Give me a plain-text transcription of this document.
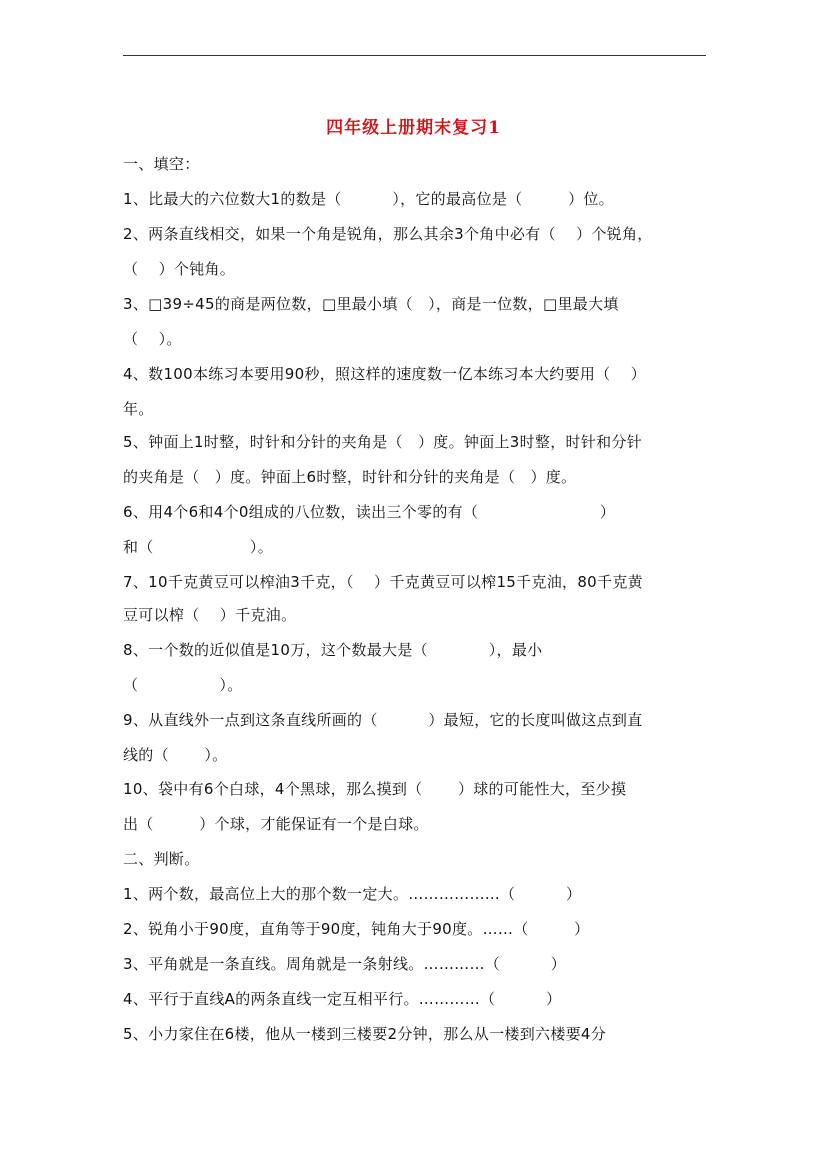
四年级上册期末复习1
一、填空：
1、比最大的六位数大1的数是（          ），它的最高位是（         ）位。
2、两条直线相交，如果一个角是锐角，那么其余3个角中必有（    ）个锐角，
（    ）个钝角。
3、□39÷45的商是两位数，□里最小填（   ），商是一位数，□里最大填
（    ）。
4、数100本练习本要用90秒，照这样的速度数一亿本练习本大约要用（    ）
年。
5、钟面上1时整，时针和分针的夹角是（   ）度。钟面上3时整，时针和分针
的夹角是（   ）度。钟面上6时整，时针和分针的夹角是（   ）度。
6、用4个6和4个0组成的八位数，读出三个零的有（                        ）
和（                   ）。
7、10千克黄豆可以榨油3千克，（    ）千克黄豆可以榨15千克油，80千克黄
豆可以榨（    ）千克油。
8、一个数的近似值是10万，这个数最大是（            ），最小
（                ）。
9、从直线外一点到这条直线所画的（          ）最短，它的长度叫做这点到直
线的（       ）。
10、袋中有6个白球，4个黑球，那么摸到（       ）球的可能性大，至少摸
出（         ）个球，才能保证有一个是白球。
二、判断。
1、两个数，最高位上大的那个数一定大。………………（          ）
2、锐角小于90度，直角等于90度，钝角大于90度。……（         ）
3、平角就是一条直线。周角就是一条射线。…………（          ）
4、平行于直线A的两条直线一定互相平行。…………（          ）
5、小力家住在6楼，他从一楼到三楼要2分钟，那么从一楼到六楼要4分
